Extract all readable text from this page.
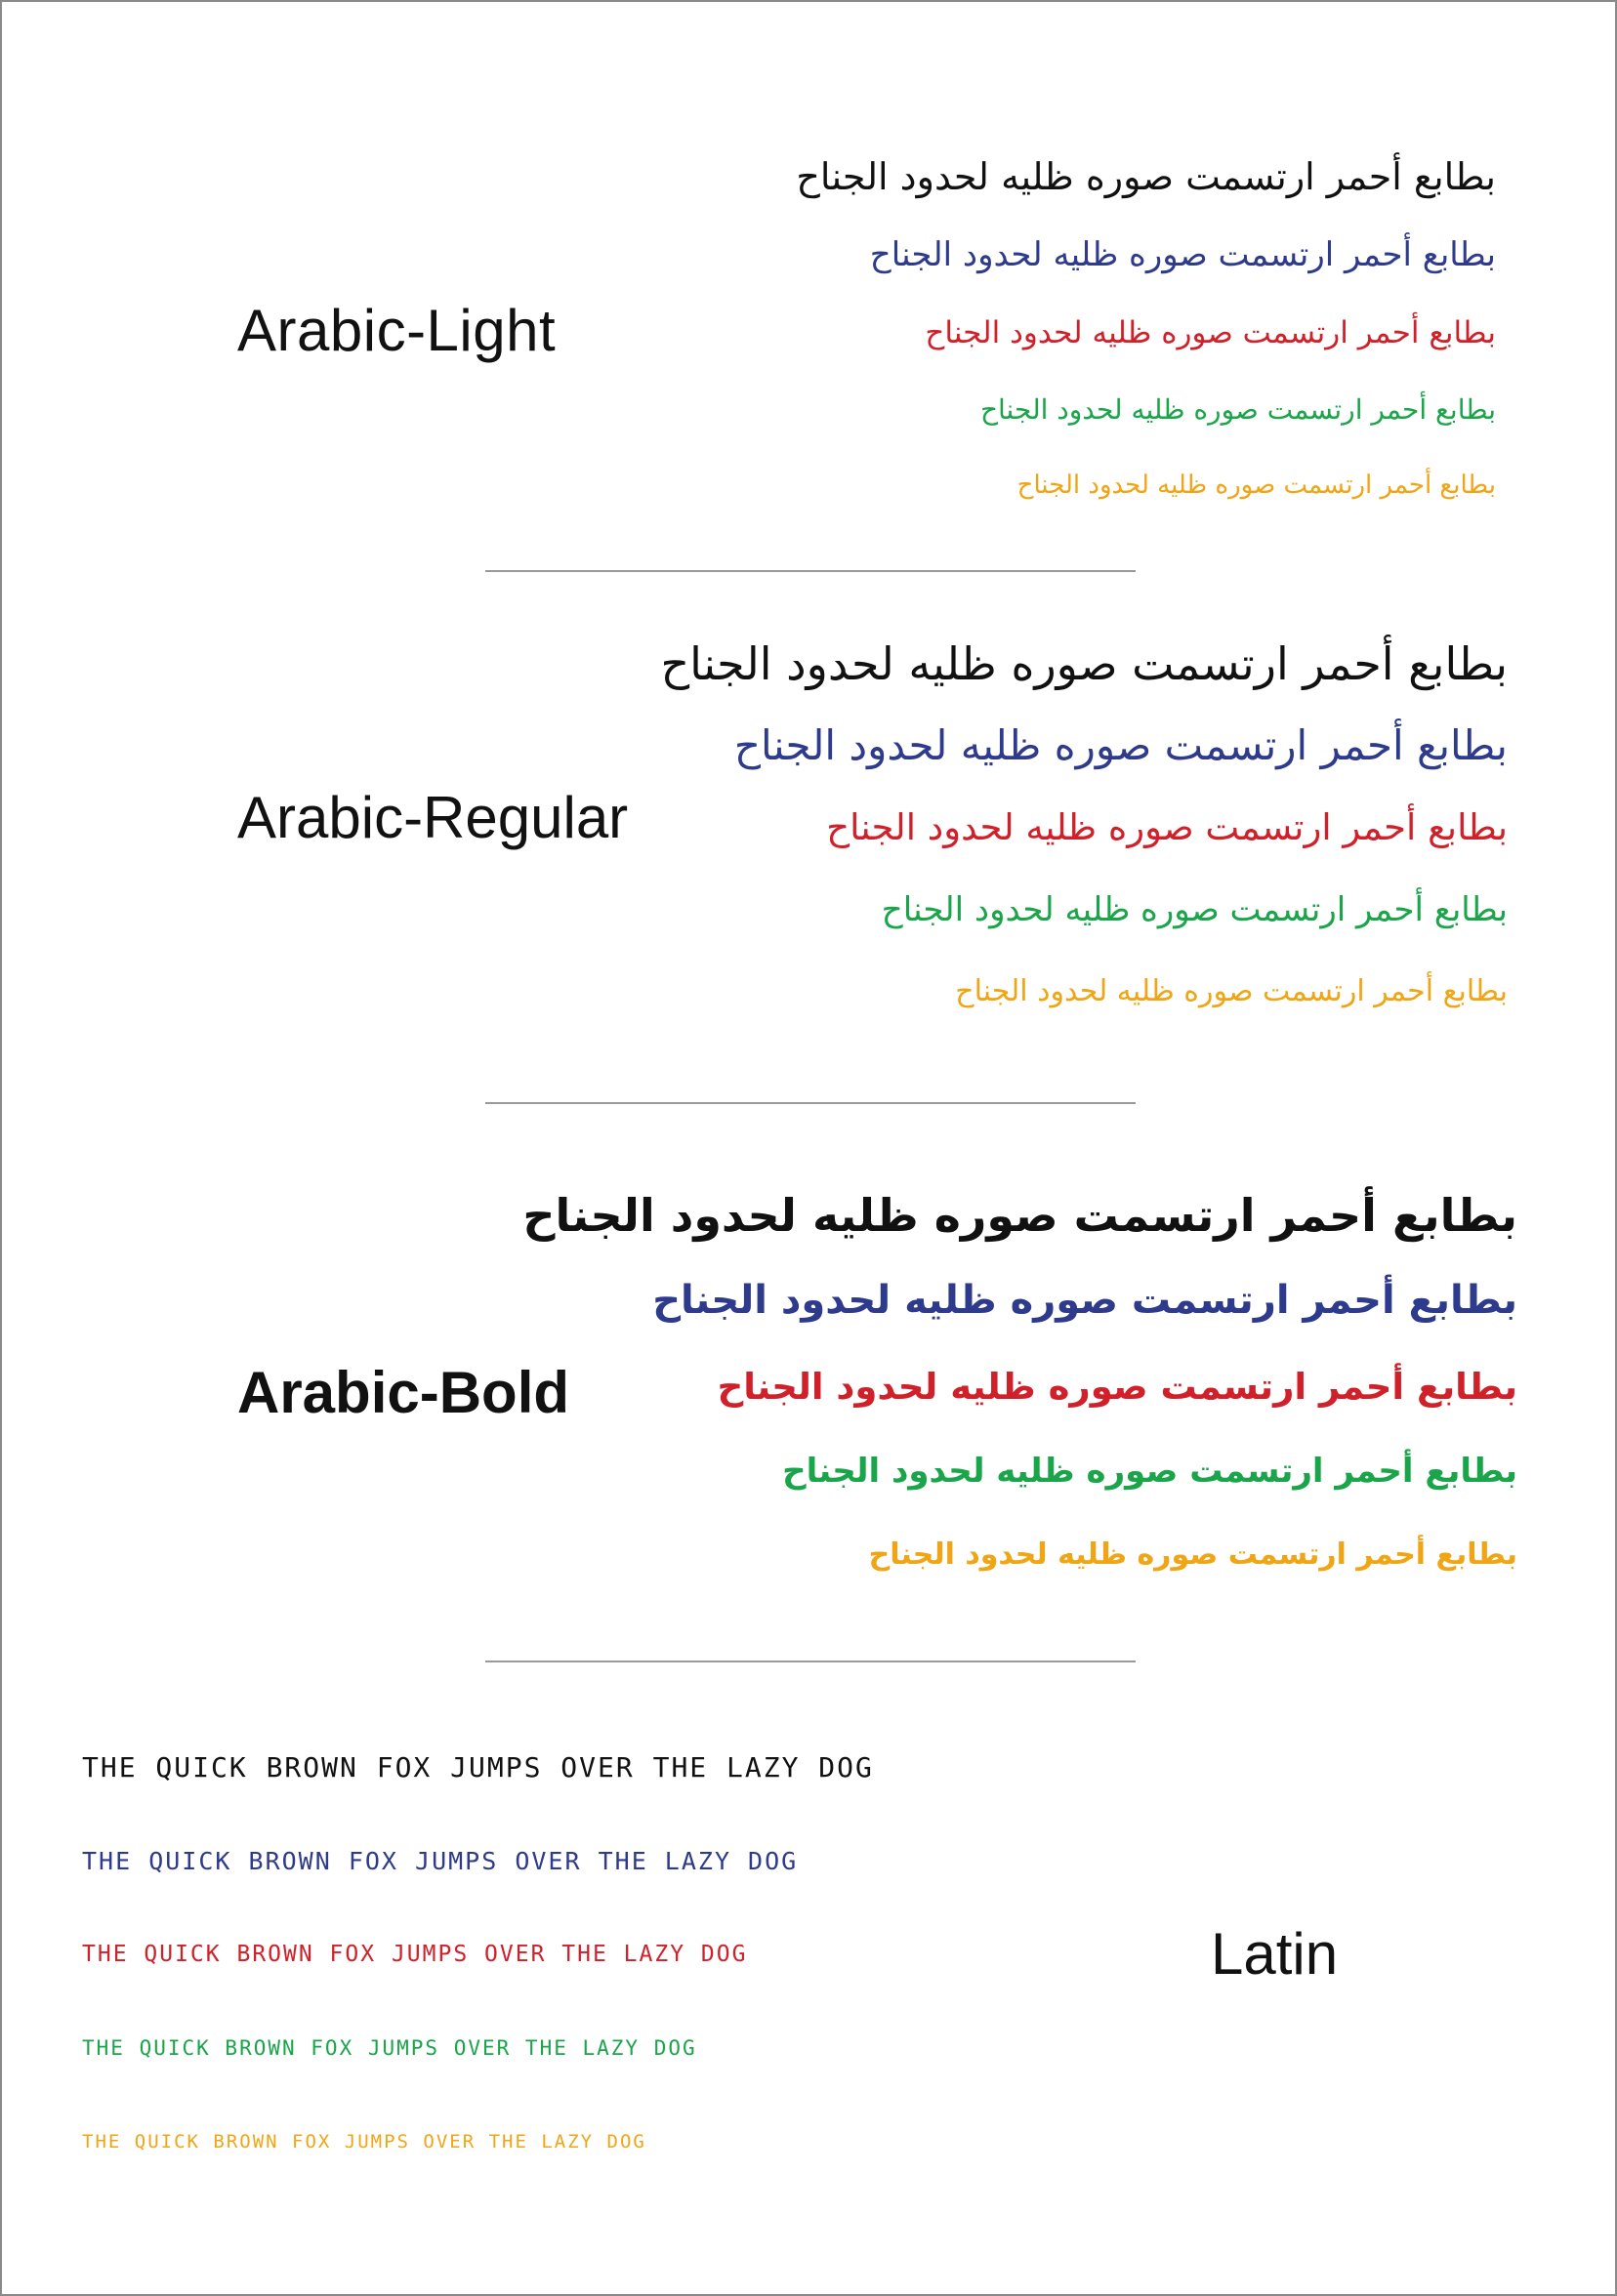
Arabic-Light
بطابع أحمر ارتسمت صوره ظليه لحدود الجناح
بطابع أحمر ارتسمت صوره ظليه لحدود الجناح
بطابع أحمر ارتسمت صوره ظليه لحدود الجناح
بطابع أحمر ارتسمت صوره ظليه لحدود الجناح
بطابع أحمر ارتسمت صوره ظليه لحدود الجناح
Arabic-Regular
بطابع أحمر ارتسمت صوره ظليه لحدود الجناح
بطابع أحمر ارتسمت صوره ظليه لحدود الجناح
بطابع أحمر ارتسمت صوره ظليه لحدود الجناح
بطابع أحمر ارتسمت صوره ظليه لحدود الجناح
بطابع أحمر ارتسمت صوره ظليه لحدود الجناح
Arabic-Bold
بطابع أحمر ارتسمت صوره ظليه لحدود الجناح
بطابع أحمر ارتسمت صوره ظليه لحدود الجناح
بطابع أحمر ارتسمت صوره ظليه لحدود الجناح
بطابع أحمر ارتسمت صوره ظليه لحدود الجناح
بطابع أحمر ارتسمت صوره ظليه لحدود الجناح
THE QUICK BROWN FOX JUMPS OVER THE LAZY DOG
THE QUICK BROWN FOX JUMPS OVER THE LAZY DOG
THE QUICK BROWN FOX JUMPS OVER THE LAZY DOG
THE QUICK BROWN FOX JUMPS OVER THE LAZY DOG
THE QUICK BROWN FOX JUMPS OVER THE LAZY DOG
Latin
